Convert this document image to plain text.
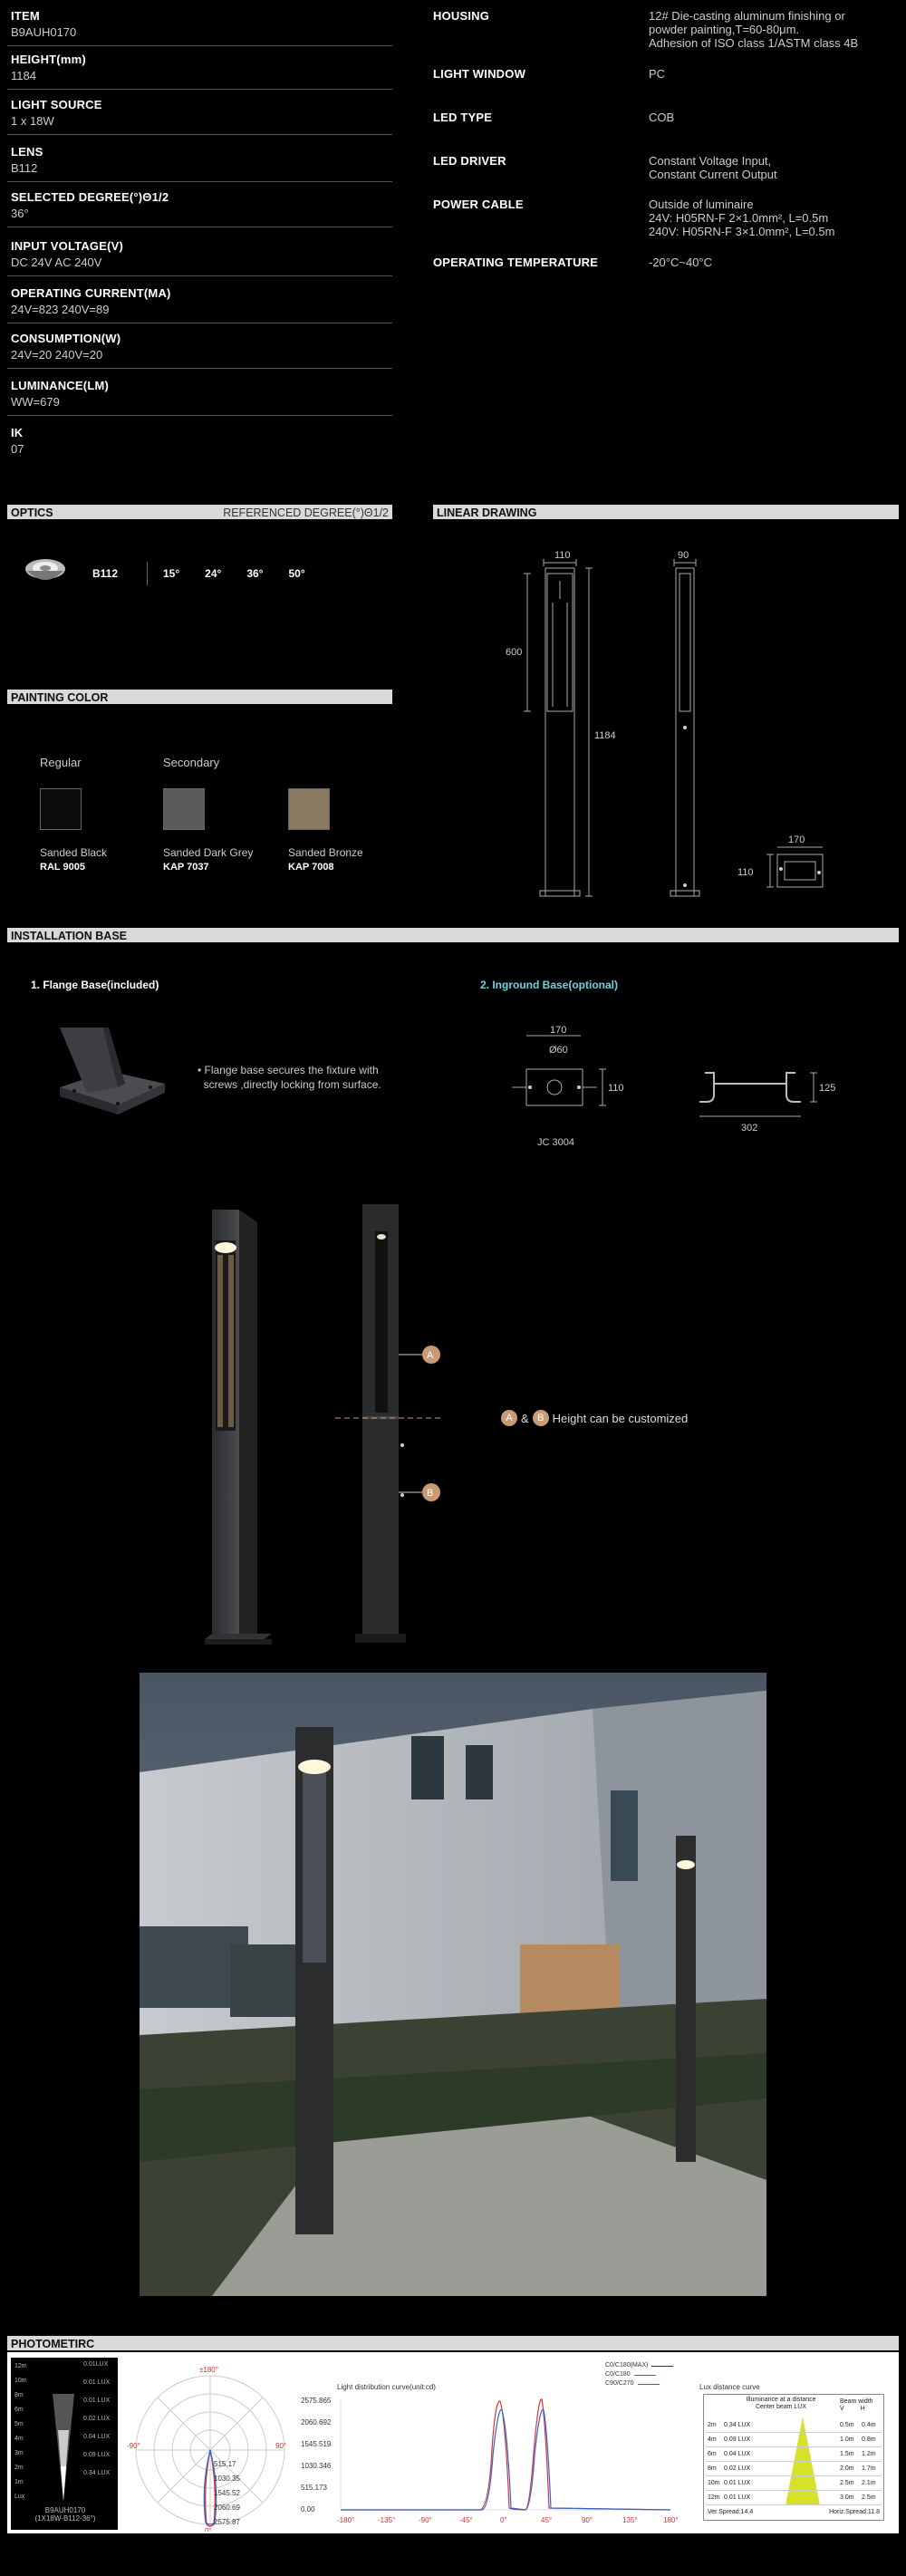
ITEM
B9AUH0170
HEIGHT(mm)
1184
LIGHT SOURCE
1 x 18W
LENS
B112
SELECTED DEGREE(°)Θ1/2
36°
INPUT VOLTAGE(V)
DC 24V AC 240V
OPERATING CURRENT(MA)
24V=823 240V=89
CONSUMPTION(W)
24V=20 240V=20
LUMINANCE(LM)
WW=679
IK
07
HOUSING	12# Die-casting aluminum finishing or
powder painting,T=60-80μm.
Adhesion of ISO class 1/ASTM class 4B
LIGHT WINDOW	PC
LED TYPE	COB
LED DRIVER	Constant Voltage Input,
Constant Current Output
POWER CABLE	Outside of luminaire
24V: H05RN-F 2×1.0mm², L=0.5m
240V: H05RN-F 3×1.0mm², L=0.5m
OPERATING TEMPERATURE	-20°C~40°C
OPTICS	REFERENCED DEGREE(°)Θ1/2
B112	15° 24° 36° 50°
LINEAR DRAWING
110	90
600
1184
170
110
PAINTING COLOR
Regular	Secondary
Sanded Black
RAL 9005
Sanded Dark Grey
KAP 7037
Sanded Bronze
KAP 7008
INSTALLATION BASE
1. Flange Base(included)	2. Inground Base(optional)
• Flange base secures the fixture with
screws ,directly locking from surface.
170
Ø60
110
JC 3004
125
302
A
B
A & B Height can be customized
PHOTOMETIRC
12m
10m
8m
6m
5m
4m
3m
2m
1m
Lux
0.01LUX
0.01 LUX
0.01 LUX
0.02 LUX
0.04 LUX
0.09 LUX
0.34 LUX
B9AUH0170
(1X18W-B112-36°)
±180°
-90°	90°
0°
515.17
1030.35
1545.52
2060.69
2575.87
Light distribution curve(unit:cd)
C0/C180(MAX)
C0/C180
C90/C270
2575.865
2060.692
1545.519
1030.346
515.173
0.00
-180°	-135°	-90°	-45°	0°	45°	90°	135°	180°
Lux distance curve
Illuminance at a distance
Center beam LUX
Beam width
V	H
2m 0.34 LUX	0.5m 0.4m
4m 0.09 LUX	1.0m 0.8m
6m 0.04 LUX	1.5m 1.2m
8m 0.02 LUX	2.0m 1.7m
10m 0.01 LUX	2.5m 2.1m
12m 0.01 LUX	3.0m 2.5m
Ver.Spread:14.4	Horiz.Spread:11.8
